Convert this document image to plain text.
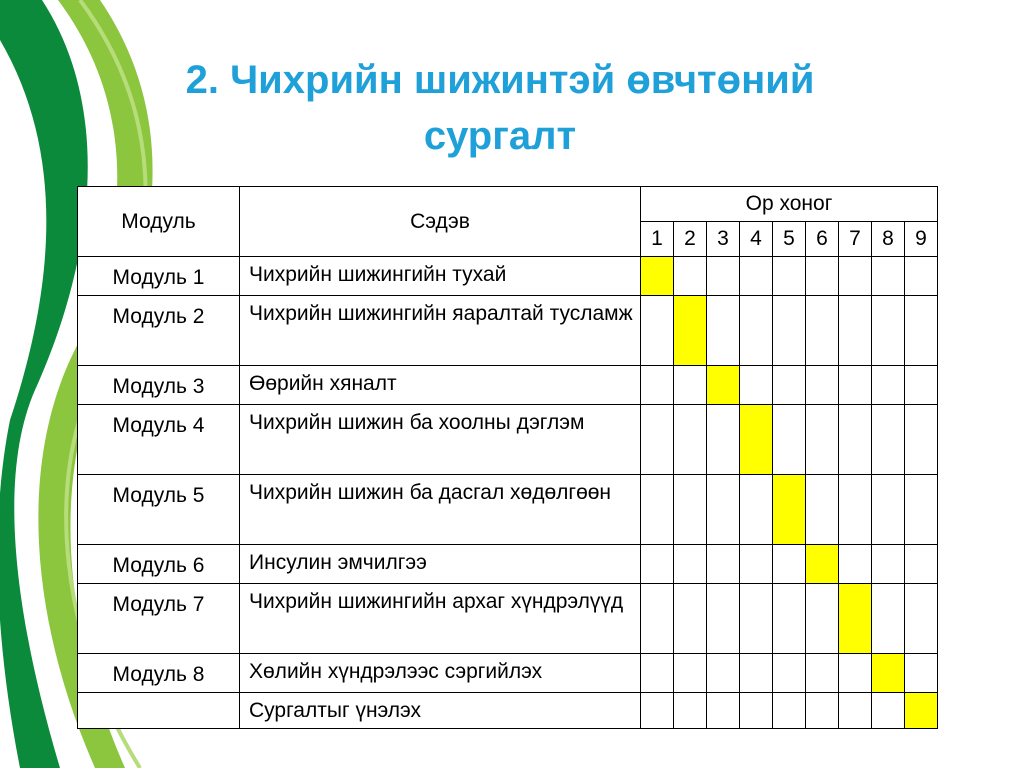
2. Чихрийн шижинтэй өвчтөний
сургалт
Модуль	Сэдэв	Ор хоног								
		1	2	3	4	5	6	7	8	9
Модуль 1	Чихрийн шижингийн тухай									
Модуль 2	Чихрийн шижингийн яаралтай тусламж									
Модуль 3	Өөрийн хяналт									
Модуль 4	Чихрийн шижин ба хоолны дэглэм									
Модуль 5	Чихрийн шижин ба дасгал хөдөлгөөн									
Модуль 6	Инсулин эмчилгээ									
Модуль 7	Чихрийн шижингийн архаг хүндрэлүүд									
Модуль 8	Хөлийн хүндрэлээс сэргийлэх									
	Сургалтыг үнэлэх									
